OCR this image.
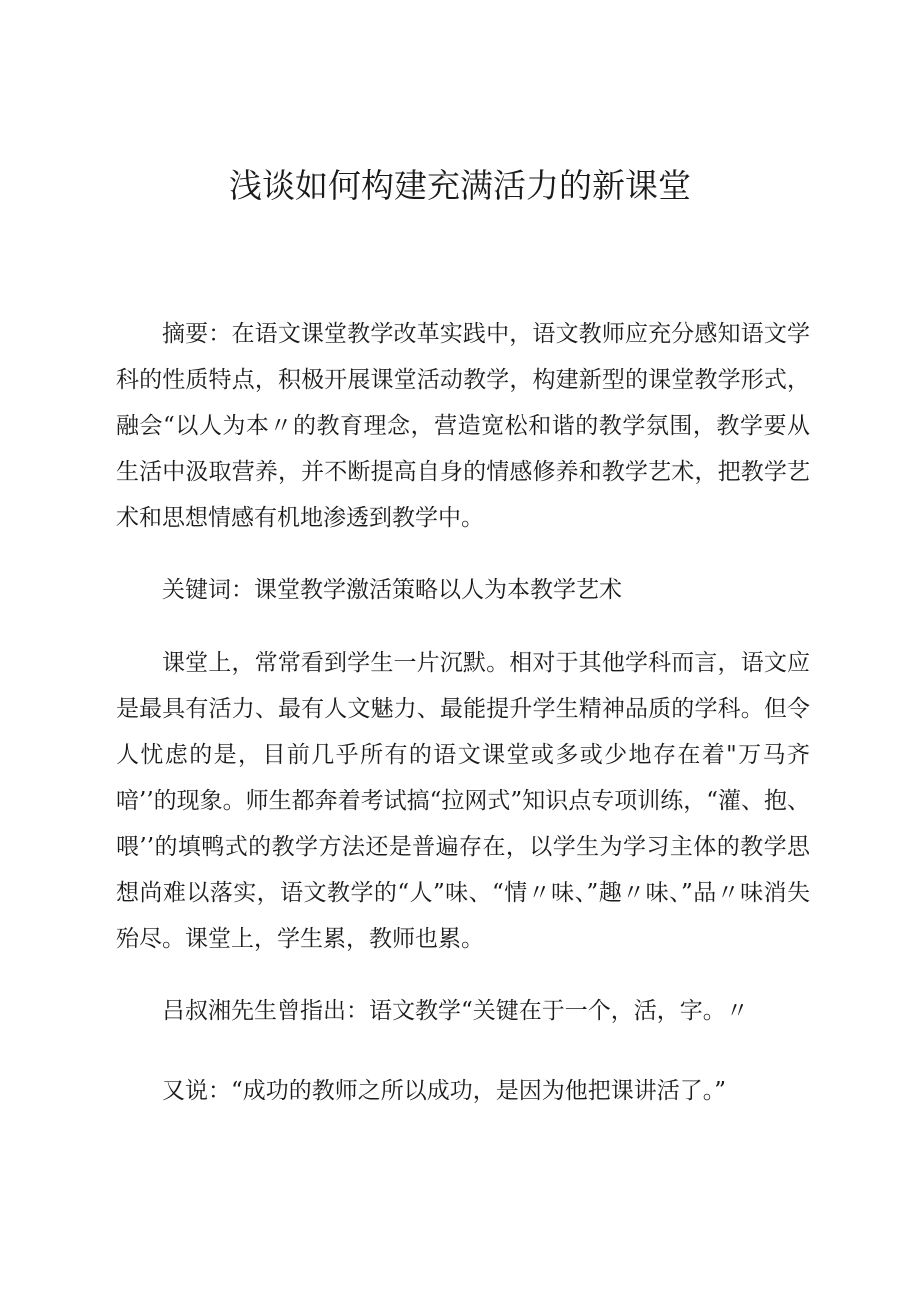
浅谈如何构建充满活力的新课堂

摘要：在语文课堂教学改革实践中，语文教师应充分感知语文学科的性质特点，积极开展课堂活动教学，构建新型的课堂教学形式，融会“以人为本〃的教育理念，营造宽松和谐的教学氛围，教学要从生活中汲取营养，并不断提高自身的情感修养和教学艺术，把教学艺术和思想情感有机地渗透到教学中。

关键词：课堂教学激活策略以人为本教学艺术

课堂上，常常看到学生一片沉默。相对于其他学科而言，语文应是最具有活力、最有人文魅力、最能提升学生精神品质的学科。但令人忧虑的是，目前几乎所有的语文课堂或多或少地存在着"万马齐喑’’的现象。师生都奔着考试搞“拉网式”知识点专项训练，“灌、抱、喂’’的填鸭式的教学方法还是普遍存在，以学生为学习主体的教学思想尚难以落实，语文教学的“人”味、“情〃味、”趣〃味、”品〃味消失殆尽。课堂上，学生累，教师也累。

吕叔湘先生曾指出：语文教学“关键在于一个，活，字。〃

又说：“成功的教师之所以成功，是因为他把课讲活了。”
